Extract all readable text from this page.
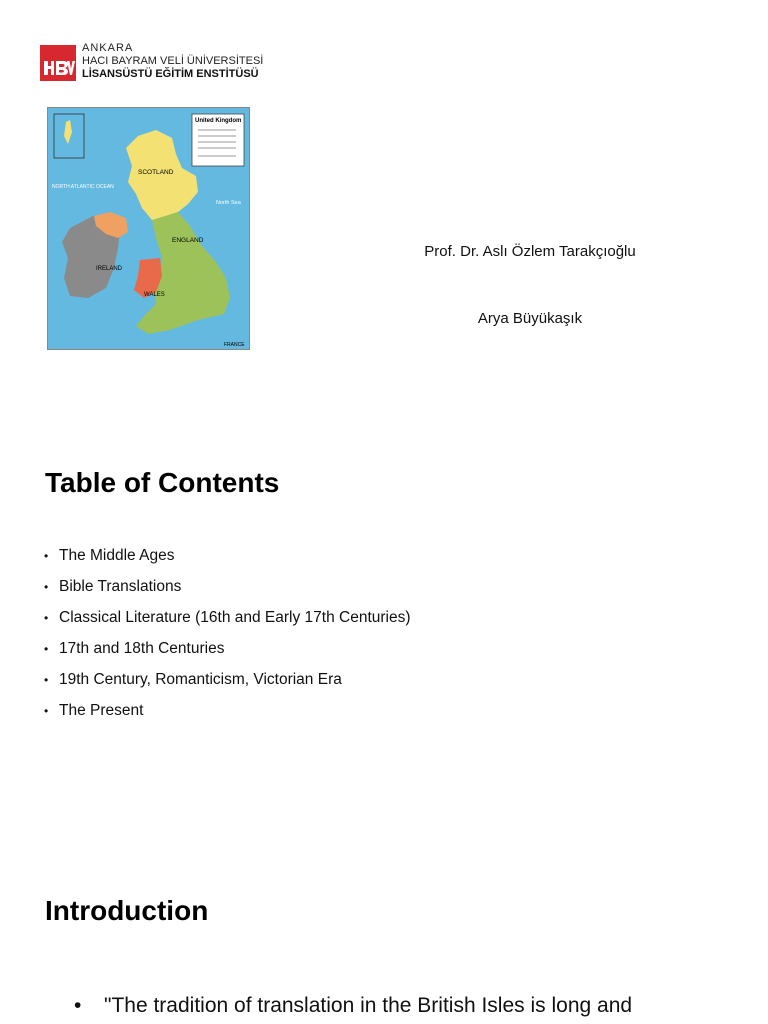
ANKARA
HACI BAYRAM VELİ ÜNİVERSİTESİ
LİSANSÜSTÜ EĞİTİM ENSTİTÜSÜ
United Kingdom
SCOTLAND
ENGLAND
WALES
IRELAND
NORTH ATLANTIC OCEAN
North Sea
FRANCE
Prof. Dr. Aslı Özlem Tarakçıoğlu
Arya Büyükaşık
Table of Contents
• The Middle Ages
• Bible Translations
• Classical Literature (16th and Early 17th Centuries)
• 17th and 18th Centuries
• 19th Century, Romanticism, Victorian Era
• The Present
Introduction
• "The tradition of translation in the British Isles is long and
